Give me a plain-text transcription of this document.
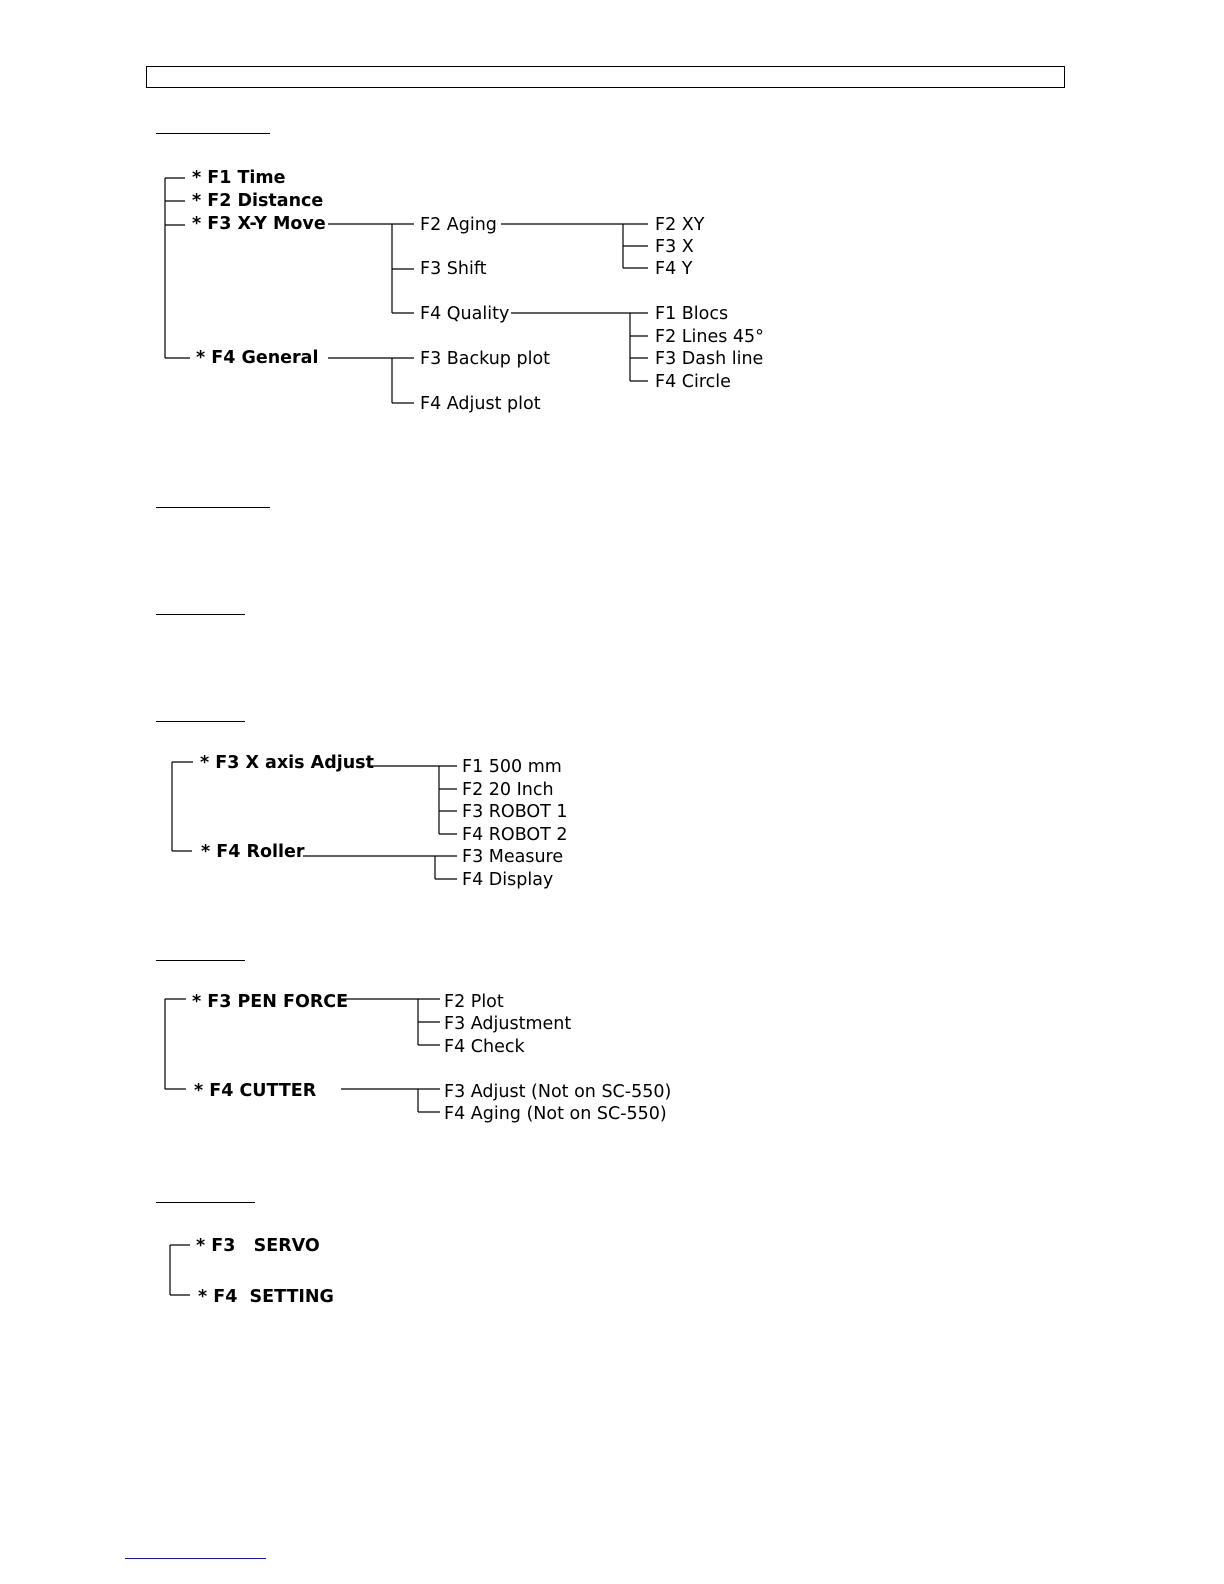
* F1 Time
* F2 Distance
* F3 X-Y Move
* F4 General
F2 Aging
F3 Shift
F4 Quality
F3 Backup plot
F4 Adjust plot
F2 XY
F3 X
F4 Y
F1 Blocs
F2 Lines 45°
F3 Dash line
F4 Circle
* F3 X axis Adjust
* F4 Roller
F1 500 mm
F2 20 Inch
F3 ROBOT 1
F4 ROBOT 2
F3 Measure
F4 Display
* F3 PEN FORCE
* F4 CUTTER
F2 Plot
F3 Adjustment
F4 Check
F3 Adjust (Not on SC-550)
F4 Aging (Not on SC-550)
* F3   SERVO
* F4  SETTING
